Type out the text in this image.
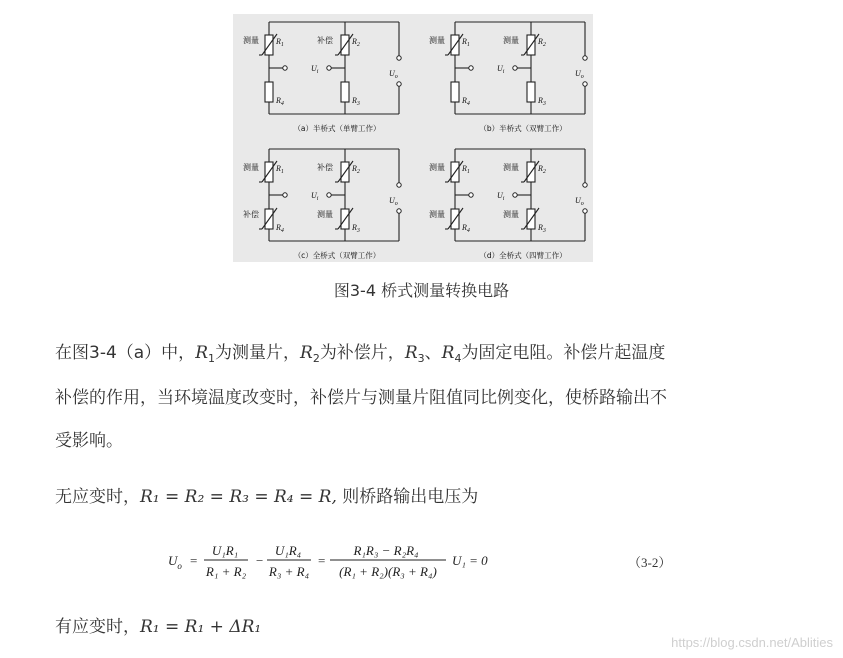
测量	补偿
$R_1$
$R_4$
$R_2$
$R_3$
$U_i$	$U_o$
（a）半桥式（单臂工作）
测量	测量
$R_1$
$R_4$
$R_2$
$R_3$
$U_i$	$U_o$
（b）半桥式（双臂工作）
测量
补偿
补偿
测量
$R_1$
$R_4$
$R_2$
$R_3$
$U_i$	$U_o$
（c）全桥式（双臂工作）
测量
测量
测量
测量
$R_1$
$R_4$
$R_2$
$R_3$
$U_i$	$U_o$
（d）全桥式（四臂工作）
图3-4 桥式测量转换电路
在图3-4（a）中，$R_1$为测量片，$R_2$为补偿片，$R_3$、$R_4$为固定电阻。补偿片起温度
补偿的作用，当环境温度改变时，补偿片与测量片阻值同比例变化，使桥路输出不
受影响。
无应变时，R₁ = R₂ = R₃ = R₄ = R, 则桥路输出电压为
$U_o$ =
U₁R₁
R₁ + R₂
−
U₁R₄
R₃ + R₄
=
R₁R₃ − R₂R₄
(R₁ + R₂)(R₃ + R₄)
U₁ = 0	（3-2）
有应变时，R₁ = R₁ + ΔR₁
https://blog.csdn.net/Ablities
